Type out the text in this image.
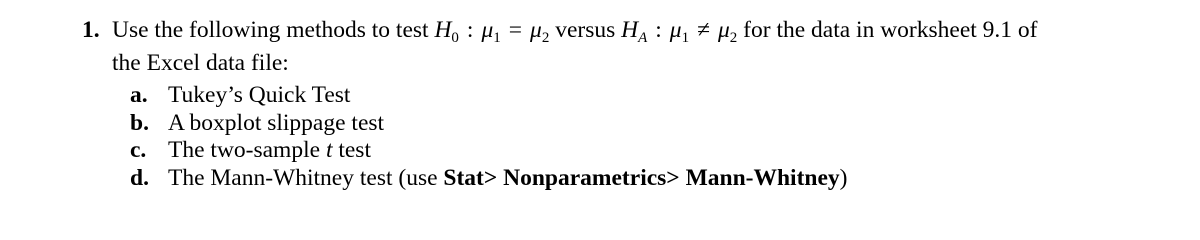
1. Use the following methods to test $H_0$ : $\mu_1 = \mu_2$ versus $H_A$ : $\mu_1 \ne \mu_2$ for the data in worksheet 9.1 of
the Excel data file:
a. Tukey’s Quick Test
b. A boxplot slippage test
c. The two-sample t test
d. The Mann-Whitney test (use Stat> Nonparametrics> Mann-Whitney)
